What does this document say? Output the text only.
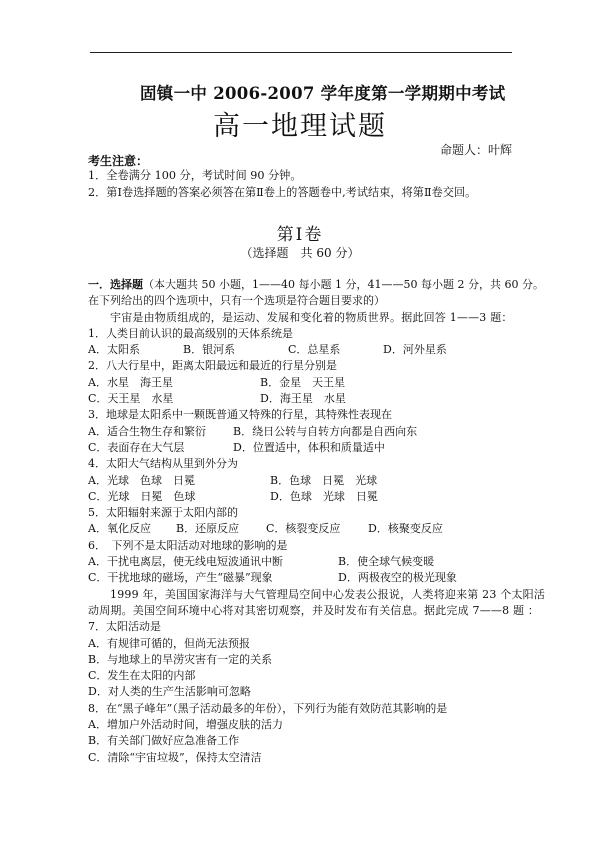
固镇一中 2006-2007 学年度第一学期期中考试
高一地理试题
命题人：叶辉
考生注意：
1．全卷满分 100 分，考试时间 90 分钟。
2．第Ⅰ卷选择题的答案必须答在第Ⅱ卷上的答题卷中,考试结束，将第Ⅱ卷交回。
第Ⅰ卷
（选择题　共 60 分）
一．选择题（本大题共 50 小题，1——40 每小题 1 分，41——50 每小题 2 分，共 60 分。
在下列给出的四个选项中，只有一个选项是符合题目要求的）
宇宙是由物质组成的，是运动、发展和变化着的物质世界。据此回答 1——3 题：
1．人类目前认识的最高级别的天体系统是
A．太阳系	B．银河系	C．总星系	D．河外星系
2．八大行星中，距离太阳最远和最近的行星分别是
A．水星　海王星	B．金星　天王星
C．天王星　水星	D．海王星　水星
3．地球是太阳系中一颗既普通又特殊的行星，其特殊性表现在
A．适合生物生存和繁衍 B．绕日公转与自转方向都是自西向东
C．表面存在大气层	D．位置适中，体积和质量适中
4．太阳大气结构从里到外分为
A．光球　色球　日冕	B．色球　日冕　光球
C．光球　日冕　色球	D．色球　光球　日冕
5．太阳辐射来源于太阳内部的
A．氧化反应 B．还原反应 C．核裂变反应	D．核聚变反应
6．　下列不是太阳活动对地球的影响的是
A．干扰电离层，使无线电短波通讯中断	B．使全球气候变暖
C．干扰地球的磁场，产生“磁暴”现象	D．两极夜空的极光现象
1999 年，美国国家海洋与大气管理局空间中心发表公报说，人类将迎来第 23 个太阳活
动周期。美国空间环境中心将对其密切观察，并及时发布有关信息。据此完成 7——8 题 ：
7．太阳活动是
A．有规律可循的，但尚无法预报
B．与地球上的旱涝灾害有一定的关系
C．发生在太阳的内部
D．对人类的生产生活影响可忽略
8．在“黑子峰年”（黑子活动最多的年份），下列行为能有效防范其影响的是
A．增加户外活动时间，增强皮肤的活力
B．有关部门做好应急准备工作
C．清除“宇宙垃圾”，保持太空清洁
